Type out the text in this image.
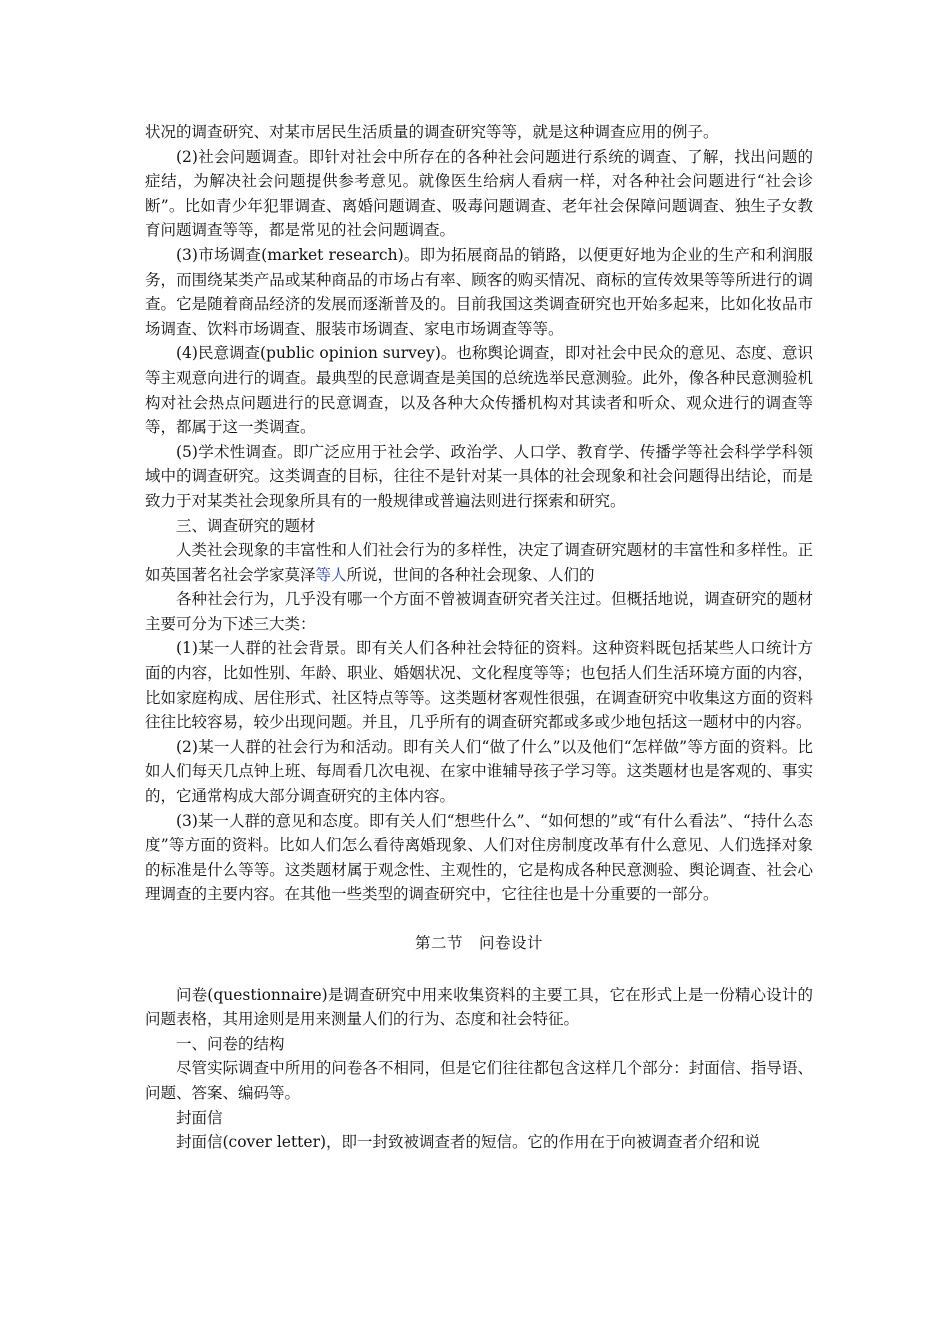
状况的调查研究、对某市居民生活质量的调查研究等等，就是这种调查应用的例子。

(2)社会问题调查。即针对社会中所存在的各种社会问题进行系统的调查、了解，找出问题的症结，为解决社会问题提供参考意见。就像医生给病人看病一样，对各种社会问题进行“社会诊断”。比如青少年犯罪调查、离婚问题调查、吸毒问题调查、老年社会保障问题调查、独生子女教育问题调查等等，都是常见的社会问题调查。

(3)市场调查(market research)。即为拓展商品的销路，以便更好地为企业的生产和利润服务，而围绕某类产品或某种商品的市场占有率、顾客的购买情况、商标的宣传效果等等所进行的调查。它是随着商品经济的发展而逐渐普及的。目前我国这类调查研究也开始多起来，比如化妆品市场调查、饮料市场调查、服装市场调查、家电市场调查等等。

(4)民意调查(public opinion survey)。也称舆论调查，即对社会中民众的意见、态度、意识等主观意向进行的调查。最典型的民意调查是美国的总统选举民意测验。此外，像各种民意测验机构对社会热点问题进行的民意调查，以及各种大众传播机构对其读者和听众、观众进行的调查等等，都属于这一类调查。

(5)学术性调查。即广泛应用于社会学、政治学、人口学、教育学、传播学等社会科学学科领域中的调查研究。这类调查的目标，往往不是针对某一具体的社会现象和社会问题得出结论，而是致力于对某类社会现象所具有的一般规律或普遍法则进行探索和研究。

三、调查研究的题材

人类社会现象的丰富性和人们社会行为的多样性，决定了调查研究题材的丰富性和多样性。正如英国著名社会学家莫泽等人所说，世间的各种社会现象、人们的

各种社会行为，几乎没有哪一个方面不曾被调查研究者关注过。但概括地说，调查研究的题材主要可分为下述三大类：

(1)某一人群的社会背景。即有关人们各种社会特征的资料。这种资料既包括某些人口统计方面的内容，比如性别、年龄、职业、婚姻状况、文化程度等等；也包括人们生活环境方面的内容，比如家庭构成、居住形式、社区特点等等。这类题材客观性很强，在调查研究中收集这方面的资料往往比较容易，较少出现问题。并且，几乎所有的调查研究都或多或少地包括这一题材中的内容。

(2)某一人群的社会行为和活动。即有关人们“做了什么”以及他们“怎样做”等方面的资料。比如人们每天几点钟上班、每周看几次电视、在家中谁辅导孩子学习等。这类题材也是客观的、事实的，它通常构成大部分调查研究的主体内容。

(3)某一人群的意见和态度。即有关人们“想些什么”、“如何想的”或“有什么看法”、“持什么态度”等方面的资料。比如人们怎么看待离婚现象、人们对住房制度改革有什么意见、人们选择对象的标准是什么等等。这类题材属于观念性、主观性的，它是构成各种民意测验、舆论调查、社会心理调查的主要内容。在其他一些类型的调查研究中，它往往也是十分重要的一部分。

第二节　问卷设计

问卷(questionnaire)是调查研究中用来收集资料的主要工具，它在形式上是一份精心设计的问题表格，其用途则是用来测量人们的行为、态度和社会特征。

一、问卷的结构

尽管实际调查中所用的问卷各不相同，但是它们往往都包含这样几个部分：封面信、指导语、问题、答案、编码等。

封面信

封面信(cover letter)，即一封致被调查者的短信。它的作用在于向被调查者介绍和说
